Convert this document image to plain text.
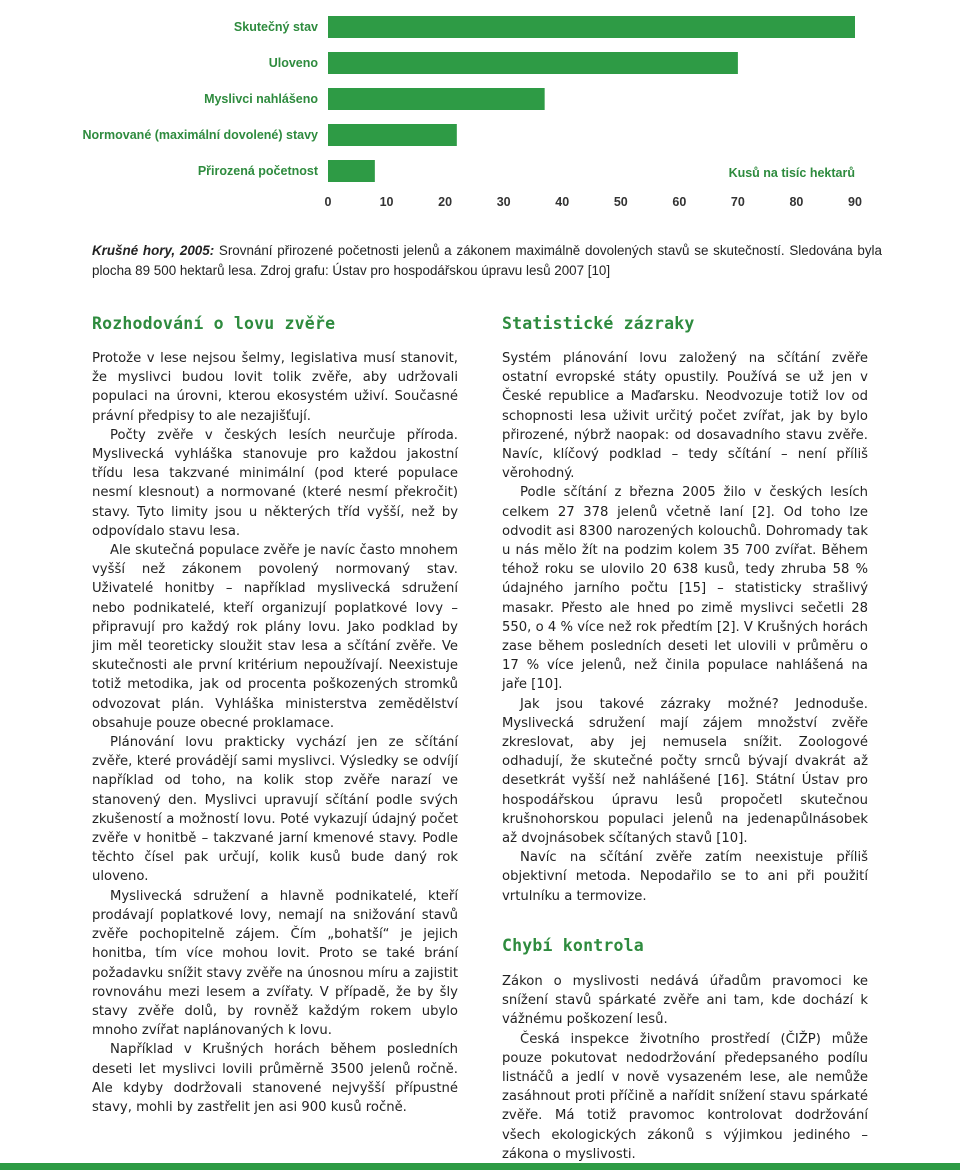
Skutečný stav
Uloveno
Myslivci nahlášeno
Normované (maximální dovolené) stavy
Přirozená početnost
0	10	20	30	40	50	60	70	80	90
Kusů na tisíc hektarů

Krušné hory, 2005: Srovnání přirozené početnosti jelenů a zákonem maximálně dovolených stavů se skutečností. Sledována byla plocha 89 500 hektarů lesa. Zdroj grafu: Ústav pro hospodářskou úpravu lesů 2007 [10]

Rozhodování o lovu zvěře

Protože v lese nejsou šelmy, legislativa musí stanovit, že myslivci budou lovit tolik zvěře, aby udržovali populaci na úrovni, kterou ekosystém uživí. Současné právní předpisy to ale nezajišťují.

Počty zvěře v českých lesích neurčuje příroda. Myslivecká vyhláška stanovuje pro každou jakostní třídu lesa takzvané minimální (pod které populace nesmí klesnout) a normované (které nesmí překročit) stavy. Tyto limity jsou u některých tříd vyšší, než by odpovídalo stavu lesa.

Ale skutečná populace zvěře je navíc často mnohem vyšší než zákonem povolený normovaný stav. Uživatelé honitby – například myslivecká sdružení nebo podnikatelé, kteří organizují poplatkové lovy – připravují pro každý rok plány lovu. Jako podklad by jim měl teoreticky sloužit stav lesa a sčítání zvěře. Ve skutečnosti ale první kritérium nepoužívají. Neexistuje totiž metodika, jak od procenta poškozených stromků odvozovat plán. Vyhláška ministerstva zemědělství obsahuje pouze obecné proklamace.

Plánování lovu prakticky vychází jen ze sčítání zvěře, které provádějí sami myslivci. Výsledky se odvíjí například od toho, na kolik stop zvěře narazí ve stanovený den. Myslivci upravují sčítání podle svých zkušeností a možností lovu. Poté vykazují údajný počet zvěře v honitbě – takzvané jarní kmenové stavy. Podle těchto čísel pak určují, kolik kusů bude daný rok uloveno.

Myslivecká sdružení a hlavně podnikatelé, kteří prodávají poplatkové lovy, nemají na snižování stavů zvěře pochopitelně zájem. Čím „bohatší“ je jejich honitba, tím více mohou lovit. Proto se také brání požadavku snížit stavy zvěře na únosnou míru a zajistit rovnováhu mezi lesem a zvířaty. V případě, že by šly stavy zvěře dolů, by rovněž každým rokem ubylo mnoho zvířat naplánovaných k lovu.

Například v Krušných horách během posledních deseti let myslivci lovili průměrně 3500 jelenů ročně. Ale kdyby dodržovali stanovené nejvyšší přípustné stavy, mohli by zastřelit jen asi 900 kusů ročně.

Statistické zázraky

Systém plánování lovu založený na sčítání zvěře ostatní evropské státy opustily. Používá se už jen v České republice a Maďarsku. Neodvozuje totiž lov od schopnosti lesa uživit určitý počet zvířat, jak by bylo přirozené, nýbrž naopak: od dosavadního stavu zvěře. Navíc, klíčový podklad – tedy sčítání – není příliš věrohodný.

Podle sčítání z března 2005 žilo v českých lesích celkem 27 378 jelenů včetně laní [2]. Od toho lze odvodit asi 8300 narozených kolouchů. Dohromady tak u nás mělo žít na podzim kolem 35 700 zvířat. Během téhož roku se ulovilo 20 638 kusů, tedy zhruba 58 % údajného jarního počtu [15] – statisticky strašlivý masakr. Přesto ale hned po zimě myslivci sečetli 28 550, o 4 % více než rok předtím [2]. V Krušných horách zase během posledních deseti let ulovili v průměru o 17 % více jelenů, než činila populace nahlášená na jaře [10].

Jak jsou takové zázraky možné? Jednoduše. Myslivecká sdružení mají zájem množství zvěře zkreslovat, aby jej nemusela snížit. Zoologové odhadují, že skutečné počty srnců bývají dvakrát až desetkrát vyšší než nahlášené [16]. Státní Ústav pro hospodářskou úpravu lesů propočetl skutečnou krušnohorskou populaci jelenů na jedenapůlnásobek až dvojnásobek sčítaných stavů [10].

Navíc na sčítání zvěře zatím neexistuje příliš objektivní metoda. Nepodařilo se to ani při použití vrtulníku a termovize.

Chybí kontrola

Zákon o myslivosti nedává úřadům pravomoci ke snížení stavů spárkaté zvěře ani tam, kde dochází k vážnému poškození lesů.

Česká inspekce životního prostředí (ČIŽP) může pouze pokutovat nedodržování předepsaného podílu listnáčů a jedlí v nově vysazeném lese, ale nemůže zasáhnout proti příčině a nařídit snížení stavu spárkaté zvěře. Má totiž pravomoc kontrolovat dodržování všech ekologických zákonů s výjimkou jediného – zákona o myslivosti.
